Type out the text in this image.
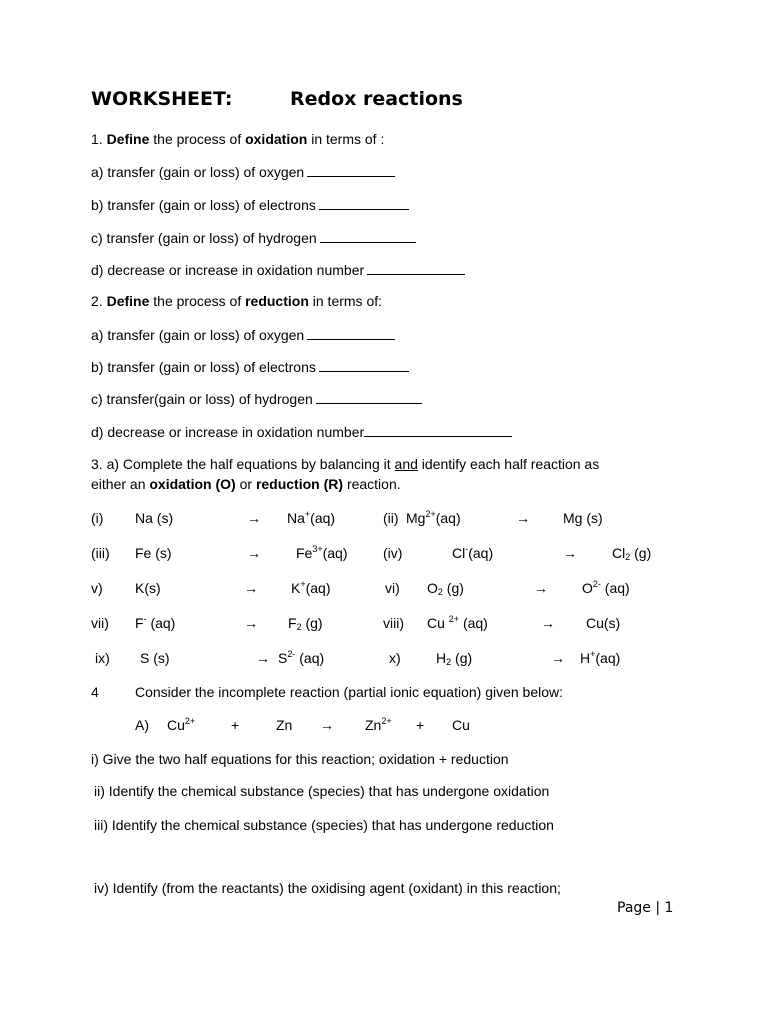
WORKSHEET:	Redox reactions
1. Define the process of oxidation in terms of :
a) transfer (gain or loss) of oxygen
b) transfer (gain or loss) of electrons
c) transfer (gain or loss) of hydrogen
d) decrease or increase in oxidation number
2. Define the process of reduction in terms of:
a) transfer (gain or loss) of oxygen
b) transfer (gain or loss) of electrons
c) transfer(gain or loss) of hydrogen
d) decrease or increase in oxidation number
3. a) Complete the half equations by balancing it and identify each half reaction as
either an oxidation (O) or reduction (R) reaction.
(i) Na (s)	→ Na+(aq)	(ii) $Mg^{2+}(aq)$	→ Mg (s)
(iii) Fe (s)	→	$Fe^{3+}(aq)$	(iv)	Cl-(aq)	→	$Cl_2$ (g)
v) K(s)	→ K+(aq)	vi) $O_2$ (g)	→ $O^{2-}$ (aq)
vii) F- (aq)	→ $F_2$ (g)	viii) Cu $^{2+}$ (aq)	→ Cu(s)
ix) S (s)	→ $S^{2-}$ (aq)	x)	$H_2$ (g)	→ H+(aq)
4	Consider the incomplete reaction (partial ionic equation) given below:
A) $Cu^{2+}$	+	$Zn \to Zn^{2+} + Cu$
i) Give the two half equations for this reaction; oxidation + reduction
ii) Identify the chemical substance (species) that has undergone oxidation
iii) Identify the chemical substance (species) that has undergone reduction
iv) Identify (from the reactants) the oxidising agent (oxidant) in this reaction;
Page | 1
